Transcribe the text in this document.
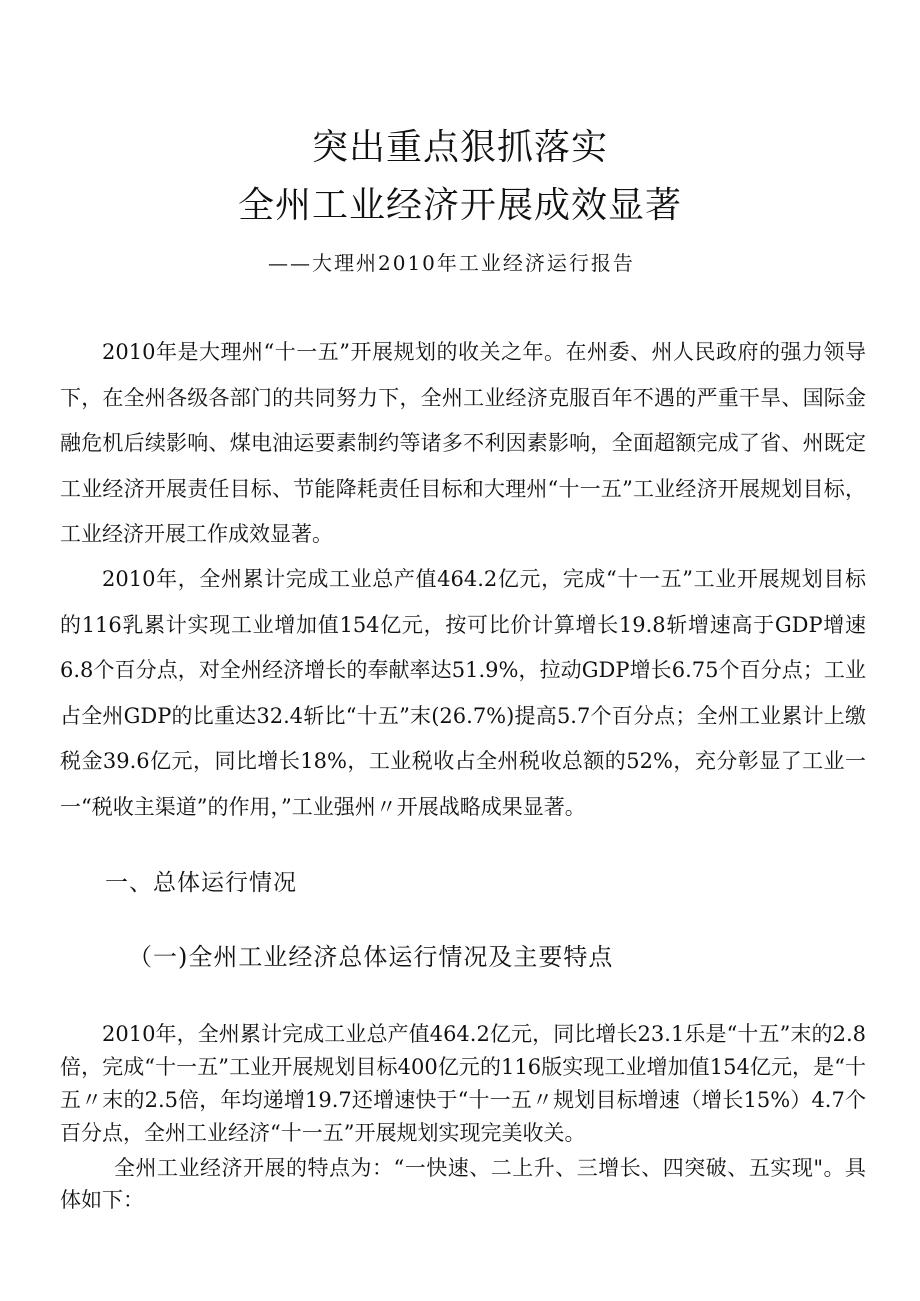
突出重点狠抓落实
全州工业经济开展成效显著

——大理州2010年工业经济运行报告

2010年是大理州“十一五”开展规划的收关之年。在州委、州人民政府的强力领导下，在全州各级各部门的共同努力下，全州工业经济克服百年不遇的严重干旱、国际金融危机后续影响、煤电油运要素制约等诸多不利因素影响，全面超额完成了省、州既定工业经济开展责任目标、节能降耗责任目标和大理州“十一五”工业经济开展规划目标，工业经济开展工作成效显著。

2010年，全州累计完成工业总产值464.2亿元，完成“十一五”工业开展规划目标的116乳累计实现工业增加值154亿元，按可比价计算增长19.8斩增速高于GDP增速6.8个百分点，对全州经济增长的奉献率达51.9%，拉动GDP增长6.75个百分点；工业占全州GDP的比重达32.4斩比“十五”末(26.7%)提高5.7个百分点；全州工业累计上缴税金39.6亿元，同比增长18%，工业税收占全州税收总额的52%，充分彰显了工业一一“税收主渠道”的作用，”工业强州〃开展战略成果显著。

一、总体运行情况
（一)全州工业经济总体运行情况及主要特点

2010年，全州累计完成工业总产值464.2亿元，同比增长23.1乐是“十五”末的2.8倍，完成“十一五”工业开展规划目标400亿元的116版实现工业增加值154亿元，是“十五〃末的2.5倍，年均递增19.7还增速快于“十一五〃规划目标增速（增长15%）4.7个百分点，全州工业经济“十一五”开展规划实现完美收关。

全州工业经济开展的特点为：“一快速、二上升、三增长、四突破、五实现"。具体如下：
